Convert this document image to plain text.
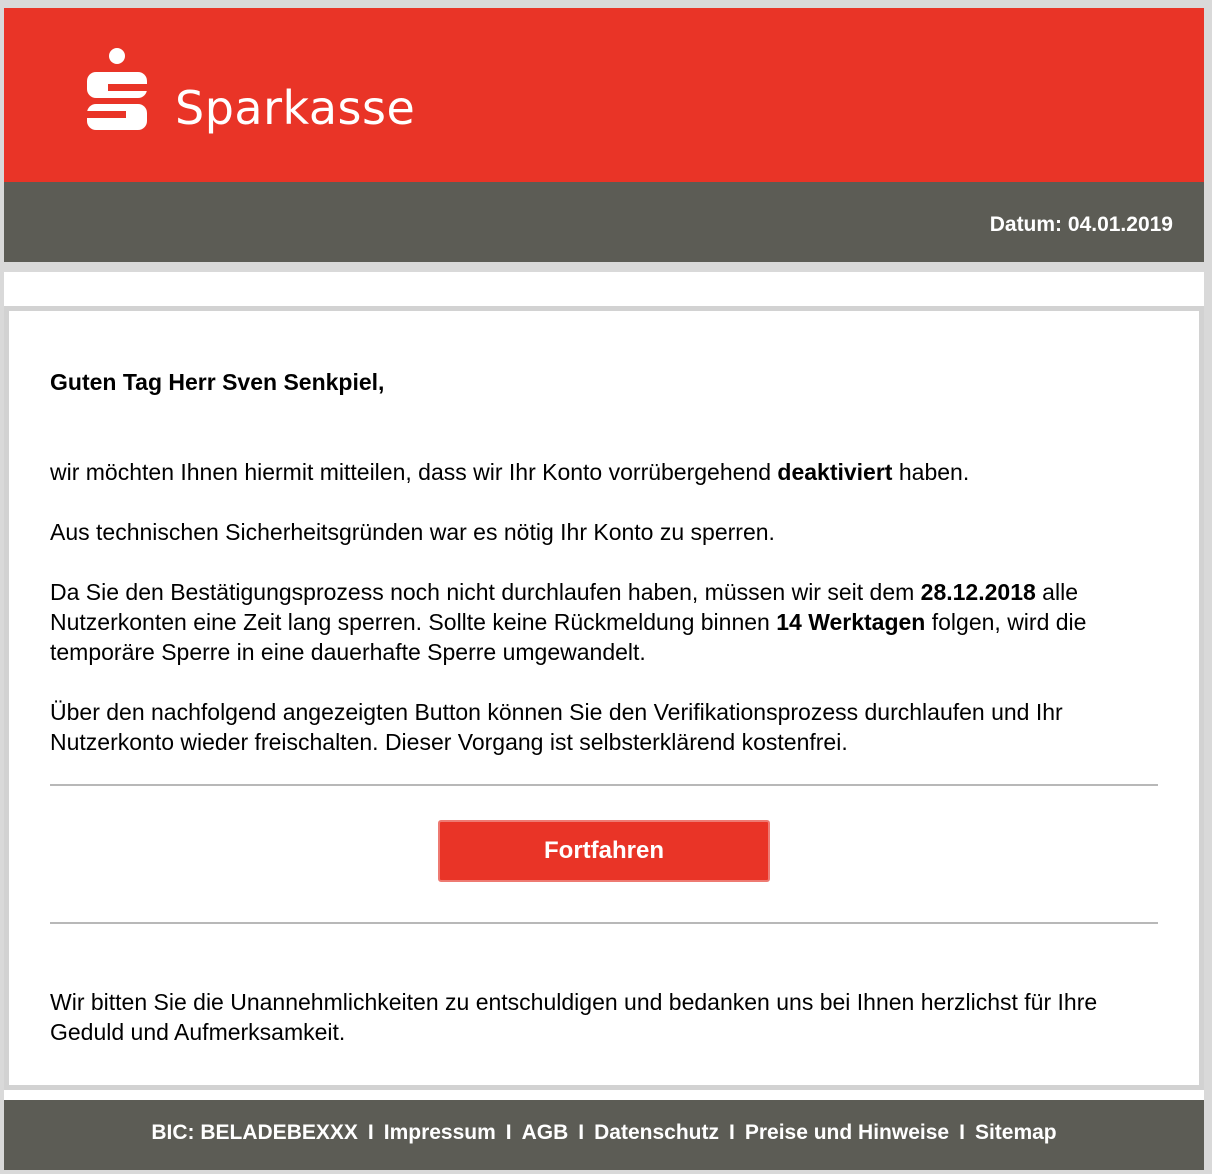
Sparkasse
Datum: 04.01.2019
Guten Tag Herr Sven Senkpiel,
wir möchten Ihnen hiermit mitteilen, dass wir Ihr Konto vorrübergehend deaktiviert haben.
Aus technischen Sicherheitsgründen war es nötig Ihr Konto zu sperren.
Da Sie den Bestätigungsprozess noch nicht durchlaufen haben, müssen wir seit dem 28.12.2018 alle Nutzerkonten eine Zeit lang sperren. Sollte keine Rückmeldung binnen 14 Werktagen folgen, wird die temporäre Sperre in eine dauerhafte Sperre umgewandelt.
Über den nachfolgend angezeigten Button können Sie den Verifikationsprozess durchlaufen und Ihr Nutzerkonto wieder freischalten. Dieser Vorgang ist selbsterklärend kostenfrei.
Fortfahren
Wir bitten Sie die Unannehmlichkeiten zu entschuldigen und bedanken uns bei Ihnen herzlichst für Ihre Geduld und Aufmerksamkeit.
BIC: BELADEBEXXX I Impressum I AGB I Datenschutz I Preise und Hinweise I Sitemap
